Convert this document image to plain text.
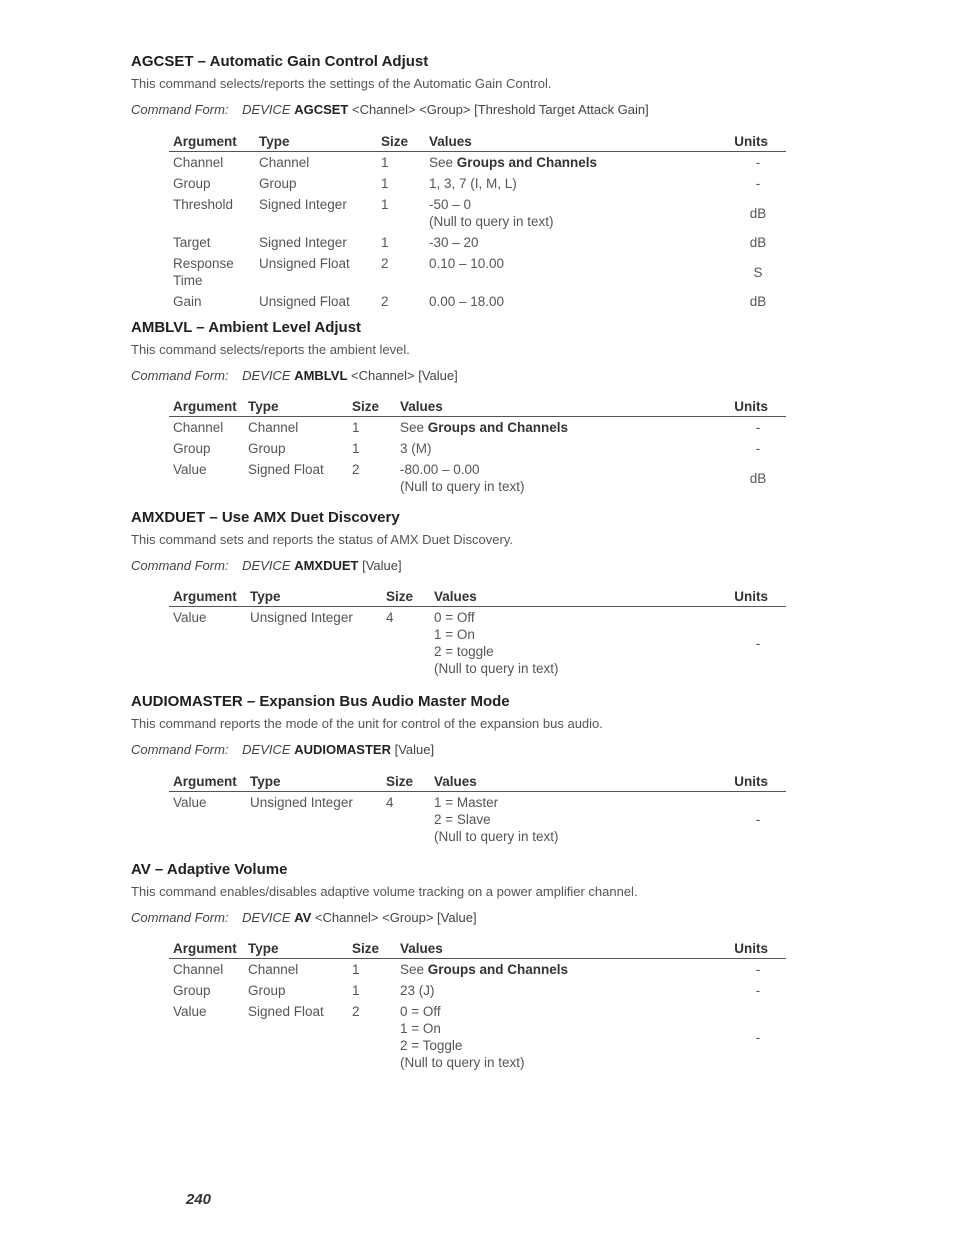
AGCSET – Automatic Gain Control Adjust
This command selects/reports the settings of the Automatic Gain Control.
Command Form: DEVICE AGCSET <Channel> <Group> [Threshold Target Attack Gain]
Argument	Type	Size	Values	Units
Channel	Channel	1	See Groups and Channels	-
Group	Group	1	1, 3, 7 (I, M, L)	-
Threshold	Signed Integer	1	-50 – 0
(Null to query in text)	dB
Target	Signed Integer	1	-30 – 20	dB
Response Time	Unsigned Float	2	0.10 – 10.00	S
Gain	Unsigned Float	2	0.00 – 18.00	dB
AMBLVL – Ambient Level Adjust
This command selects/reports the ambient level.
Command Form: DEVICE AMBLVL <Channel> [Value]
Argument	Type	Size	Values	Units
Channel	Channel	1	See Groups and Channels	-
Group	Group	1	3 (M)	-
Value	Signed Float	2	-80.00 – 0.00
(Null to query in text)	dB
AMXDUET – Use AMX Duet Discovery
This command sets and reports the status of AMX Duet Discovery.
Command Form: DEVICE AMXDUET [Value]
Argument	Type	Size	Values	Units
Value	Unsigned Integer	4	0 = Off
1 = On
2 = toggle
(Null to query in text)	-
AUDIOMASTER – Expansion Bus Audio Master Mode
This command reports the mode of the unit for control of the expansion bus audio.
Command Form: DEVICE AUDIOMASTER [Value]
Argument	Type	Size	Values	Units
Value	Unsigned Integer	4	1 = Master
2 = Slave
(Null to query in text)	-
AV – Adaptive Volume
This command enables/disables adaptive volume tracking on a power amplifier channel.
Command Form: DEVICE AV <Channel> <Group> [Value]
Argument	Type	Size	Values	Units
Channel	Channel	1	See Groups and Channels	-
Group	Group	1	23 (J)	-
Value	Signed Float	2	0 = Off
1 = On
2 = Toggle
(Null to query in text)	-
240
